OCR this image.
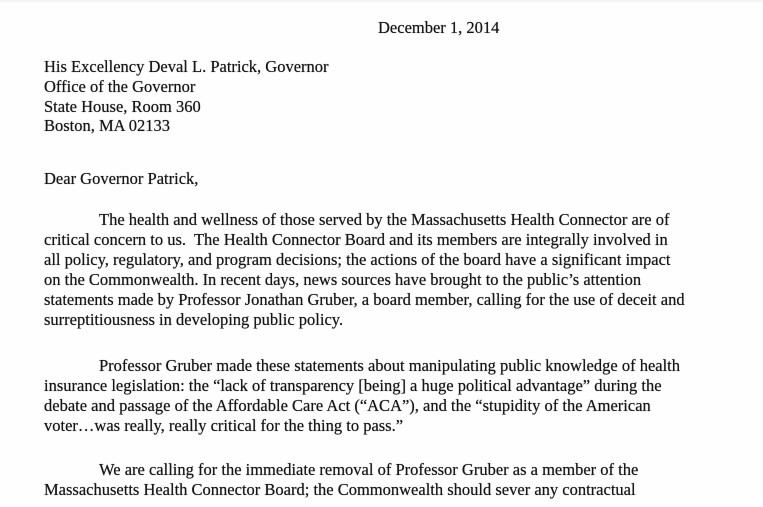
December 1, 2014
His Excellency Deval L. Patrick, Governor
Office of the Governor
State House, Room 360
Boston, MA 02133
Dear Governor Patrick,
The health and wellness of those served by the Massachusetts Health Connector are of
critical concern to us.  The Health Connector Board and its members are integrally involved in
all policy, regulatory, and program decisions; the actions of the board have a significant impact
on the Commonwealth. In recent days, news sources have brought to the public’s attention
statements made by Professor Jonathan Gruber, a board member, calling for the use of deceit and
surreptitiousness in developing public policy.
Professor Gruber made these statements about manipulating public knowledge of health
insurance legislation: the “lack of transparency [being] a huge political advantage” during the
debate and passage of the Affordable Care Act (“ACA”), and the “stupidity of the American
voter…was really, really critical for the thing to pass.”
We are calling for the immediate removal of Professor Gruber as a member of the
Massachusetts Health Connector Board; the Commonwealth should sever any contractual
